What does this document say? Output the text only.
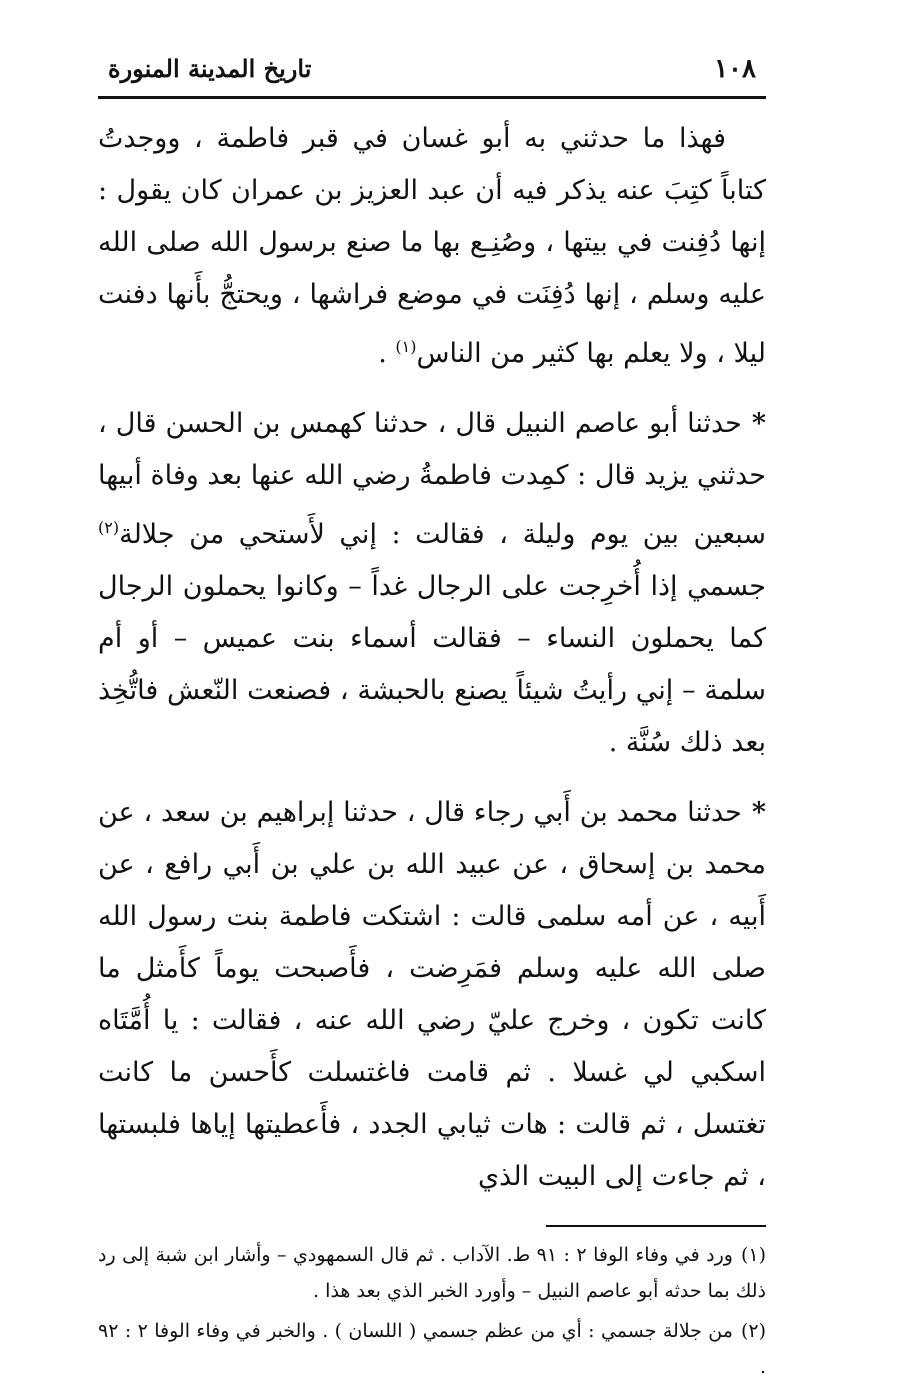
١٠٨
تاريخ المدينة المنورة

فهذا ما حدثني به أبو غسان في قبر فاطمة ، ووجدتُ كتاباً كتِبَ عنه يذكر فيه أن عبد العزيز بن عمران كان يقول : إنها دُفِنت في بيتها ، وصُنِـع بها ما صنع برسول الله صلى الله عليه وسلم ، إنها دُفِنَت في موضع فراشها ، ويحتجُّ بأَنها دفنت ليلا ، ولا يعلم بها كثير من الناس$^{(١)}$ .

*حدثنا أبو عاصم النبيل قال ، حدثنا كهمس بن الحسن قال ، حدثني يزيد قال : كمِدت فاطمةُ رضي الله عنها بعد وفاة أبيها سبعين بين يوم وليلة ، فقالت : إني لأَستحي من جلالة$^{(٢)}$ جسمي إذا أُخرِجت على الرجال غداً – وكانوا يحملون الرجال كما يحملون النساء – فقالت أسماء بنت عميس – أو أم سلمة – إني رأيتُ شيئاً يصنع بالحبشة ، فصنعت النّعش فاتُّخِذ بعد ذلك سُنَّة .

*حدثنا محمد بن أَبي رجاء قال ، حدثنا إبراهيم بن سعد ، عن محمد بن إسحاق ، عن عبيد الله بن علي بن أَبي رافع ، عن أَبيه ، عن أمه سلمى قالت : اشتكت فاطمة بنت رسول الله صلى الله عليه وسلم فمَرِضت ، فأَصبحت يوماً كأَمثل ما كانت تكون ، وخرج عليّ رضي الله عنه ، فقالت : يا أُمَّتَاه اسكبي لي غسلا . ثم قامت فاغتسلت كأَحسن ما كانت تغتسل ، ثم قالت : هات ثيابي الجدد ، فأَعطيتها إياها فلبستها ، ثم جاءت إلى البيت الذي

(١)ورد في وفاء الوفا ٢ : ٩١ ط. الآداب . ثم قال السمهودي – وأشار ابن شبة إلى رد ذلك بما حدثه أبو عاصم النبيل – وأورد الخبر الذي بعد هذا .

(٢)من جلالة جسمي : أي من عظم جسمي ( اللسان ) . والخبر في وفاء الوفا ٢ : ٩٢ .
